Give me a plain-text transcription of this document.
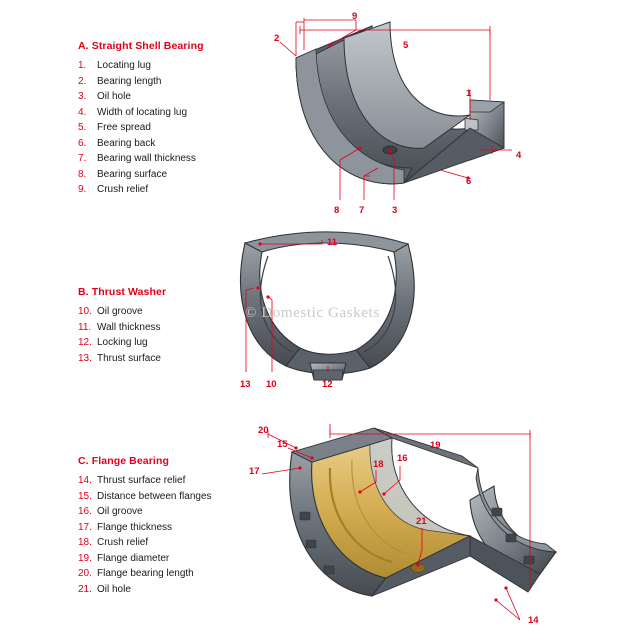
© Domestic Gaskets
A. Straight Shell Bearing
1.	Locating lug
2.	Bearing length
3.	Oil hole
4.	Width of locating lug
5.	Free spread
6.	Bearing back
7.	Bearing wall thickness
8.	Bearing surface
9.	Crush relief
B. Thrust Washer
10. Oil groove
11. Wall thickness
12. Locking lug
13. Thrust surface
C. Flange Bearing
14. Thrust surface relief
15. Distance between flanges
16. Oil groove
17. Flange thickness
18. Crush relief
19. Flange diameter
20. Flange bearing length
21. Oil hole
9
2
5
1
4
6
8 7	3
11
13 10	12
20
15	19
17
18
16
21
14
